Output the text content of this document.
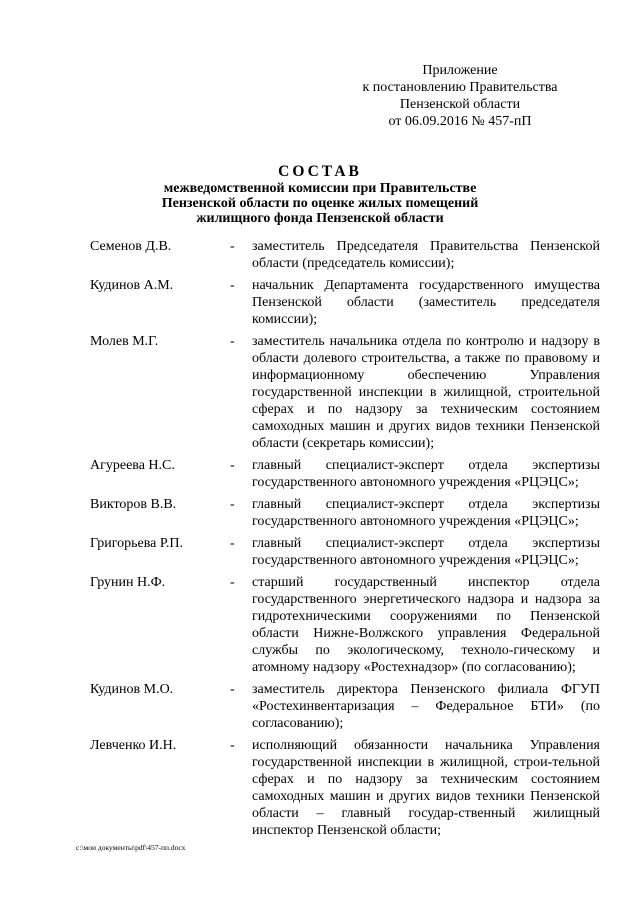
Приложение
к постановлению Правительства
Пензенской области
от 06.09.2016 № 457-пП
СОСТАВ
межведомственной комиссии при Правительстве
Пензенской области по оценке жилых помещений
жилищного фонда Пензенской области
Семенов Д.В.	-	заместитель Председателя Правительства Пензенской области (председатель комиссии);
Кудинов А.М.	-	начальник Департамента государственного имущества Пензенской области (заместитель председателя комиссии);
Молев М.Г.	-	заместитель начальника отдела по контролю и надзору в области долевого строительства, а также по правовому и информационному обеспечению Управления государственной инспекции в жилищной, строительной сферах и по надзору за техническим состоянием самоходных машин и других видов техники Пензенской области (секретарь комиссии);
Агуреева Н.С.	-	главный специалист-эксперт отдела экспертизы государственного автономного учреждения «РЦЭЦС»;
Викторов В.В.	-	главный специалист-эксперт отдела экспертизы государственного автономного учреждения «РЦЭЦС»;
Григорьева Р.П.	-	главный специалист-эксперт отдела экспертизы государственного автономного учреждения «РЦЭЦС»;
Грунин Н.Ф.	-	старший государственный инспектор отдела государственного энергетического надзора и надзора за гидротехническими сооружениями по Пензенской области Нижне-Волжского управления Федеральной службы по экологическому, техноло-гическому и атомному надзору «Ростехнадзор» (по согласованию);
Кудинов М.О.	-	заместитель директора Пензенского филиала ФГУП «Ростехинвентаризация – Федеральное БТИ» (по согласованию);
Левченко И.Н.	-	исполняющий обязанности начальника Управления государственной инспекции в жилищной, строи-тельной сферах и по надзору за техническим состоянием самоходных машин и других видов техники Пензенской области – главный государ-ственный жилищный инспектор Пензенской области;
c:\мои документы\pdf\457-пп.docx
